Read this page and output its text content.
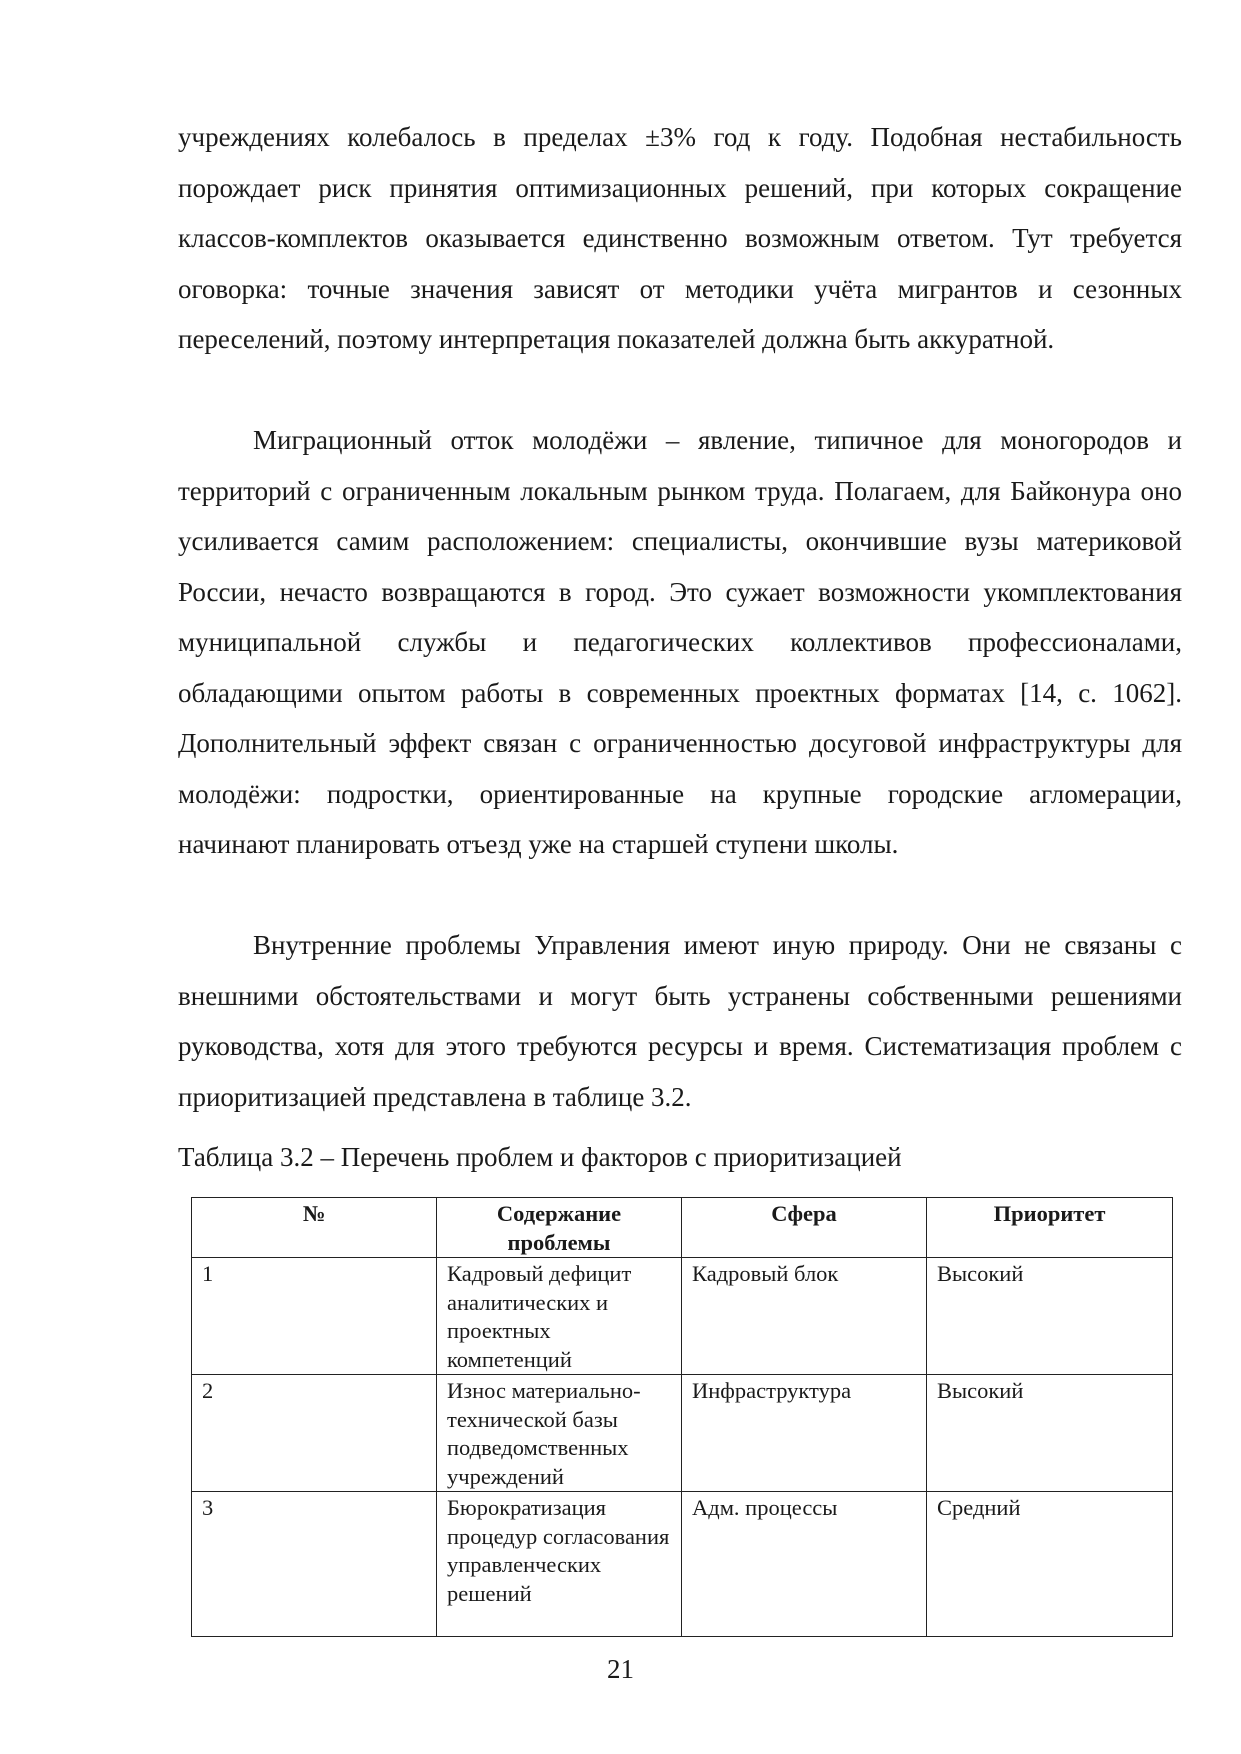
учреждениях колебалось в пределах ±3% год к году. Подобная нестабильность порождает риск принятия оптимизационных решений, при которых сокращение классов-комплектов оказывается единственно возможным ответом. Тут требуется оговорка: точные значения зависят от методики учёта мигрантов и сезонных переселений, поэтому интерпретация показателей должна быть аккуратной.

Миграционный отток молодёжи – явление, типичное для моногородов и территорий с ограниченным локальным рынком труда. Полагаем, для Байконура оно усиливается самим расположением: специалисты, окончившие вузы материковой России, нечасто возвращаются в город. Это сужает возможности укомплектования муниципальной службы и педагогических коллективов профессионалами, обладающими опытом работы в современных проектных форматах [14, с. 1062]. Дополнительный эффект связан с ограниченностью досуговой инфраструктуры для молодёжи: подростки, ориентированные на крупные городские агломерации, начинают планировать отъезд уже на старшей ступени школы.

Внутренние проблемы Управления имеют иную природу. Они не связаны с внешними обстоятельствами и могут быть устранены собственными решениями руководства, хотя для этого требуются ресурсы и время. Систематизация проблем с приоритизацией представлена в таблице 3.2.

Таблица 3.2 – Перечень проблем и факторов с приоритизацией
№	Содержание проблемы	Сфера	Приоритет
1	Кадровый дефицит аналитических и проектных компетенций	Кадровый блок	Высокий
2	Износ материально-технической базы подведомственных учреждений	Инфраструктура	Высокий
3	Бюрократизация процедур согласования управленческих решений	Адм. процессы	Средний
21
